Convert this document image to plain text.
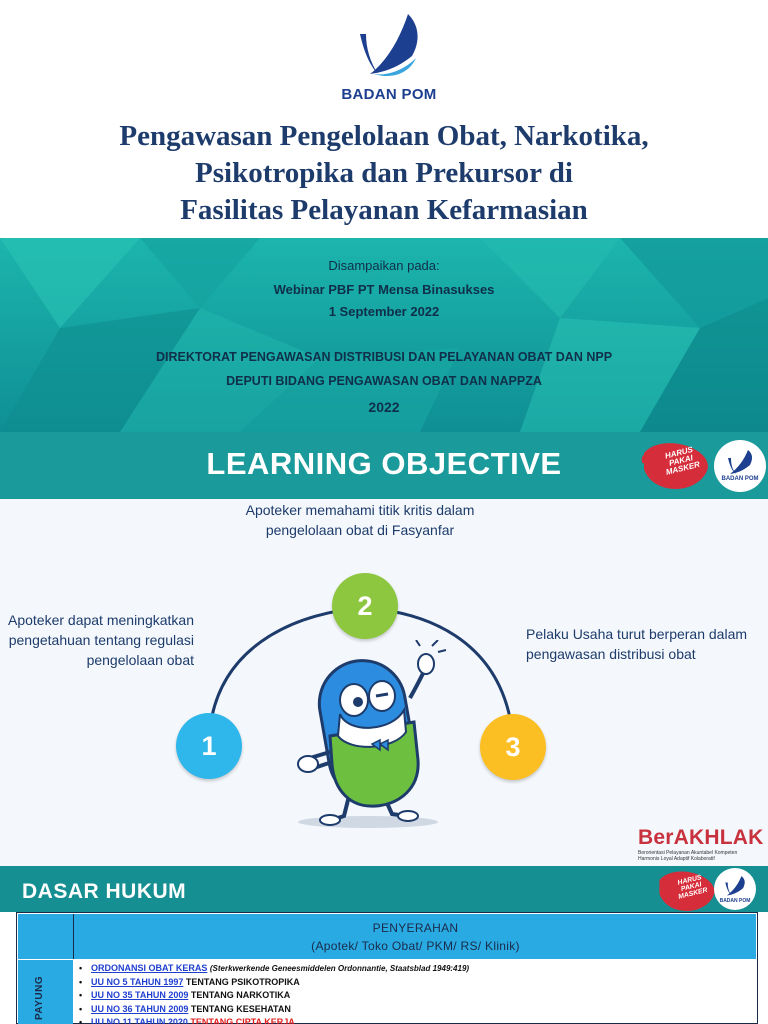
BADAN POM
Pengawasan Pengelolaan Obat, Narkotika,
Psikotropika dan Prekursor di
Fasilitas Pelayanan Kefarmasian
Disampaikan pada:
Webinar PBF PT Mensa Binasukses
1 September 2022
DIREKTORAT PENGAWASAN DISTRIBUSI DAN PELAYANAN OBAT DAN NPP
DEPUTI BIDANG PENGAWASAN OBAT DAN NAPPZA
2022
LEARNING OBJECTIVE	HARUS PAKAI MASKER
BADAN POM
Apoteker dapat meningkatkan pengetahuan tentang regulasi pengelolaan obat
Apoteker memahami titik kritis dalam pengelolaan obat di Fasyanfar
Pelaku Usaha turut berperan dalam pengawasan distribusi obat
1
2
3
BerAKHLAK
Berorientasi Pelayanan Akuntabel Kompeten Harmonis Loyal Adaptif Kolaboratif
DASAR HUKUM
HARUS PAKAI MASKER
BADAN POM
PENYERAHAN
(Apotek/ Toko Obat/ PKM/ RS/ Klinik)
PAYUNG
• ORDONANSI OBAT KERAS (Sterkwerkende Geneesmiddelen Ordonnantie, Staatsblad 1949:419)
• UU NO 5 TAHUN 1997 TENTANG PSIKOTROPIKA
• UU NO 35 TAHUN 2009 TENTANG NARKOTIKA
• UU NO 36 TAHUN 2009 TENTANG KESEHATAN
• UU NO 11 TAHUN 2020 TENTANG CIPTA KERJA
